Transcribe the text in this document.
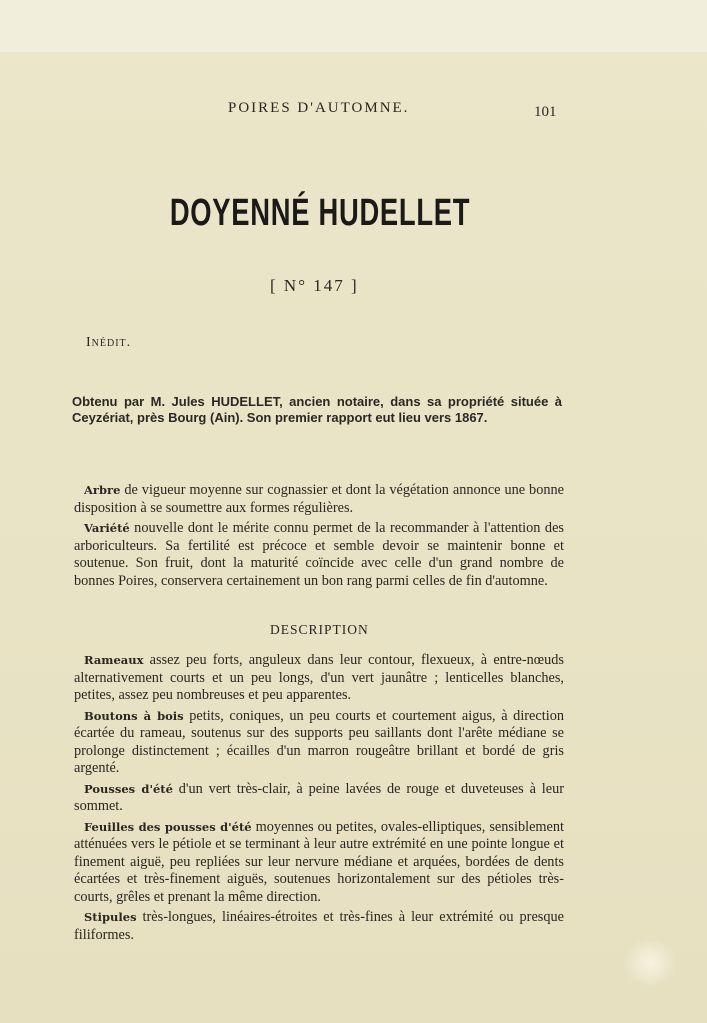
POIRES D'AUTOMNE.	101
DOYENNÉ HUDELLET
[ N° 147 ]
Inédit.
Obtenu par M. Jules HUDELLET, ancien notaire, dans sa propriété située à Ceyzériat, près Bourg (Ain). Son premier rapport eut lieu vers 1867.

Arbre de vigueur moyenne sur cognassier et dont la végétation annonce une bonne disposition à se soumettre aux formes régulières.

Variété nouvelle dont le mérite connu permet de la recommander à l'attention des arboriculteurs. Sa fertilité est précoce et semble devoir se maintenir bonne et soutenue. Son fruit, dont la maturité coïncide avec celle d'un grand nombre de bonnes Poires, conservera certainement un bon rang parmi celles de fin d'automne.

DESCRIPTION

Rameaux assez peu forts, anguleux dans leur contour, flexueux, à entre-nœuds alternativement courts et un peu longs, d'un vert jaunâtre ; lenticelles blanches, petites, assez peu nombreuses et peu apparentes.

Boutons à bois petits, coniques, un peu courts et courtement aigus, à direction écartée du rameau, soutenus sur des supports peu saillants dont l'arête médiane se prolonge distinctement ; écailles d'un marron rougeâtre brillant et bordé de gris argenté.

Pousses d'été d'un vert très-clair, à peine lavées de rouge et duveteuses à leur sommet.

Feuilles des pousses d'été moyennes ou petites, ovales-elliptiques, sensiblement atténuées vers le pétiole et se terminant à leur autre extrémité en une pointe longue et finement aiguë, peu repliées sur leur nervure médiane et arquées, bordées de dents écartées et très-finement aiguës, soutenues horizontalement sur des pétioles très-courts, grêles et prenant la même direction.

Stipules très-longues, linéaires-étroites et très-fines à leur extrémité ou presque filiformes.
